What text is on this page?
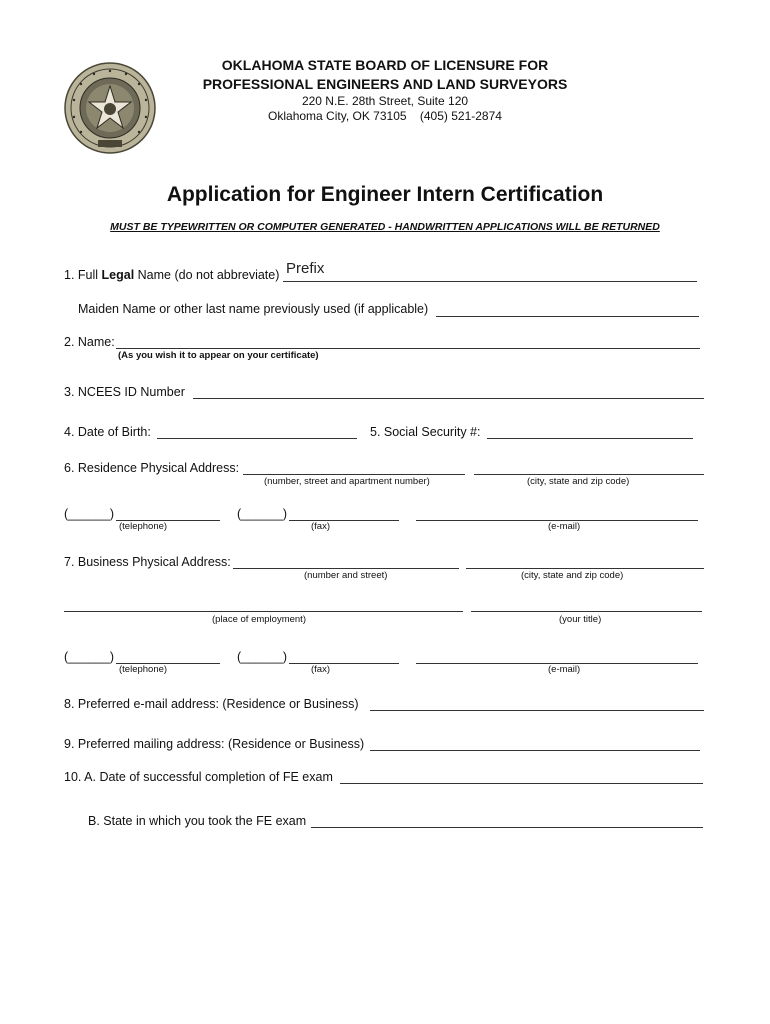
OKLAHOMA STATE BOARD OF LICENSURE FOR
PROFESSIONAL ENGINEERS AND LAND SURVEYORS
220 N.E. 28th Street, Suite 120
Oklahoma City, OK 73105 (405) 521-2874
Application for Engineer Intern Certification
MUST BE TYPEWRITTEN OR COMPUTER GENERATED - HANDWRITTEN APPLICATIONS WILL BE RETURNED
1. Full Legal Name (do not abbreviate) Prefix
Maiden Name or other last name previously used (if applicable)
2. Name:
(As you wish it to appear on your certificate)
3. NCEES ID Number
4. Date of Birth:	5. Social Security #:
6. Residence Physical Address:
(number, street and apartment number)	(city, state and zip code)
(______)	(______)
(telephone)	(fax)	(e-mail)
7. Business Physical Address:
(number and street)	(city, state and zip code)
(place of employment)	(your title)
(______)	(______)
(telephone)	(fax)	(e-mail)
8. Preferred e-mail address: (Residence or Business)
9. Preferred mailing address: (Residence or Business)
10. A. Date of successful completion of FE exam
B. State in which you took the FE exam
